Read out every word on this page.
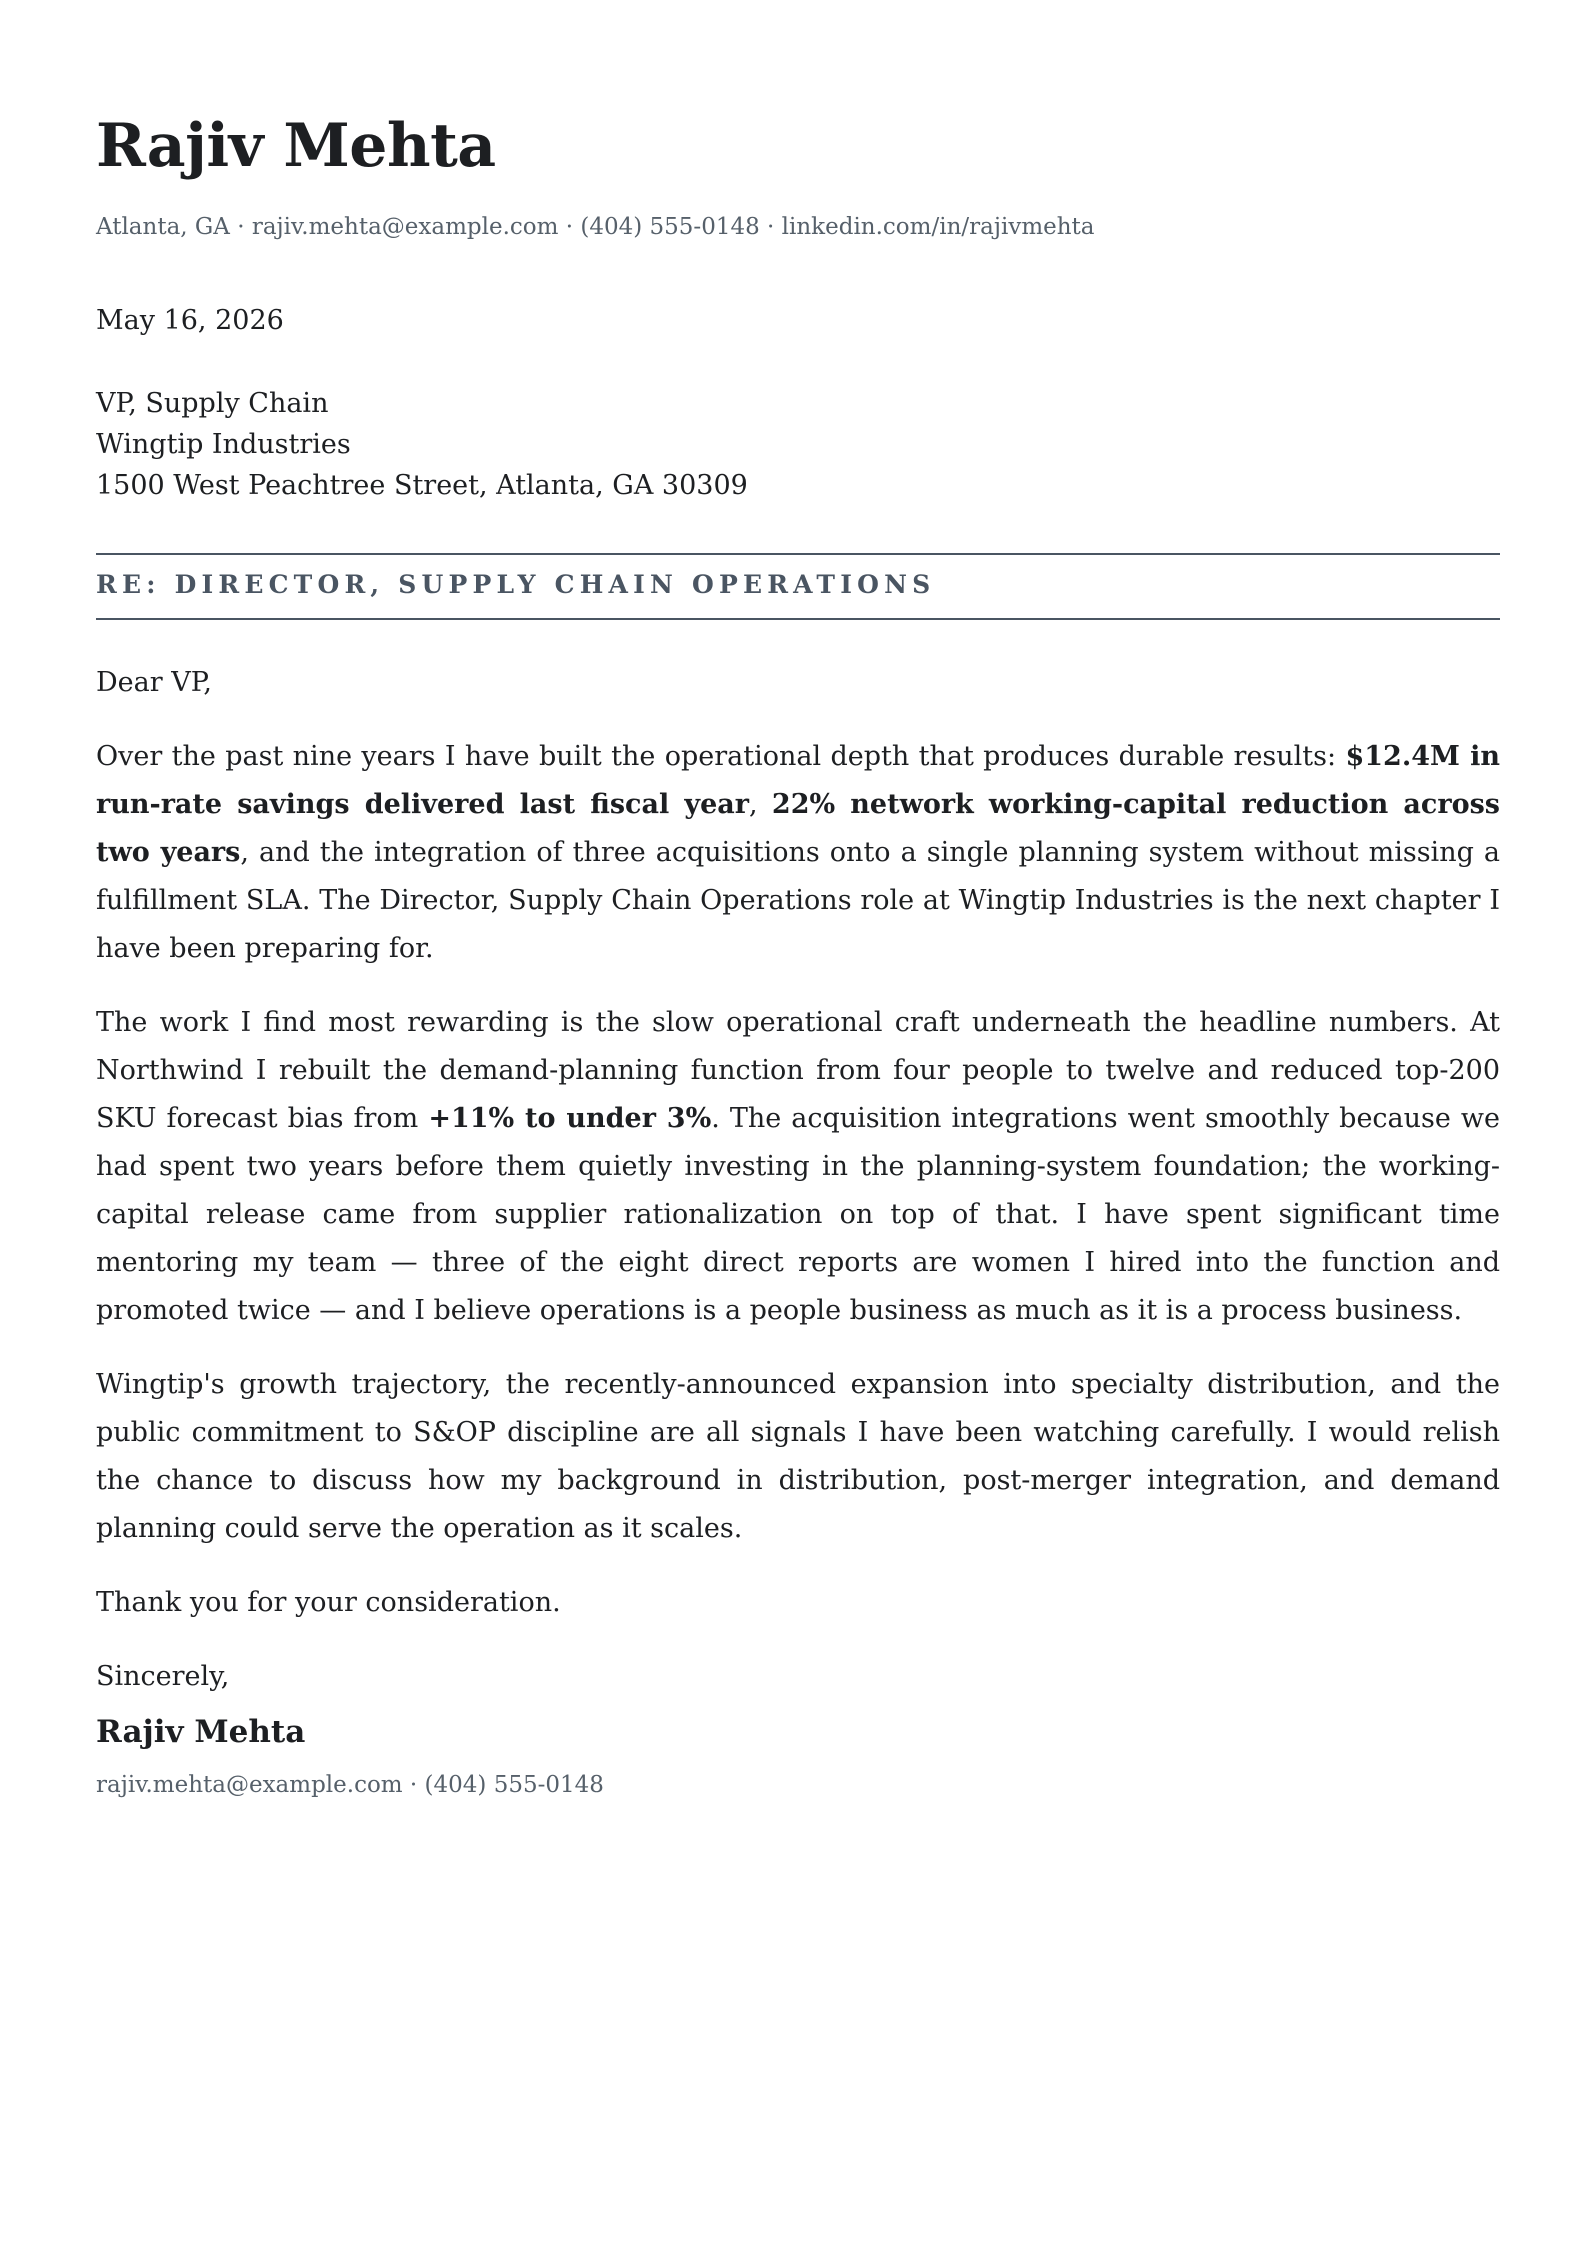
Rajiv Mehta
Atlanta, GA · rajiv.mehta@example.com · (404) 555-0148 · linkedin.com/in/rajivmehta
May 16, 2026
VP, Supply Chain
Wingtip Industries
1500 West Peachtree Street, Atlanta, GA 30309
RE: DIRECTOR, SUPPLY CHAIN OPERATIONS

Dear VP,

Over the past nine years I have built the operational depth that produces durable results: $12.4M in run-rate savings delivered last fiscal year, 22% network working-capital reduction across two years, and the integration of three acquisitions onto a single planning system without missing a fulfillment SLA. The Director, Supply Chain Operations role at Wingtip Industries is the next chapter I have been preparing for.

The work I find most rewarding is the slow operational craft underneath the headline numbers. At Northwind I rebuilt the demand-planning function from four people to twelve and reduced top-200 SKU forecast bias from +11% to under 3%. The acquisition integrations went smoothly because we had spent two years before them quietly investing in the planning-system foundation; the working-capital release came from supplier rationalization on top of that. I have spent significant time mentoring my team — three of the eight direct reports are women I hired into the function and promoted twice — and I believe operations is a people business as much as it is a process business.

Wingtip's growth trajectory, the recently-announced expansion into specialty distribution, and the public commitment to S&OP discipline are all signals I have been watching carefully. I would relish the chance to discuss how my background in distribution, post-merger integration, and demand planning could serve the operation as it scales.

Thank you for your consideration.

Sincerely,

Rajiv Mehta
rajiv.mehta@example.com · (404) 555-0148
